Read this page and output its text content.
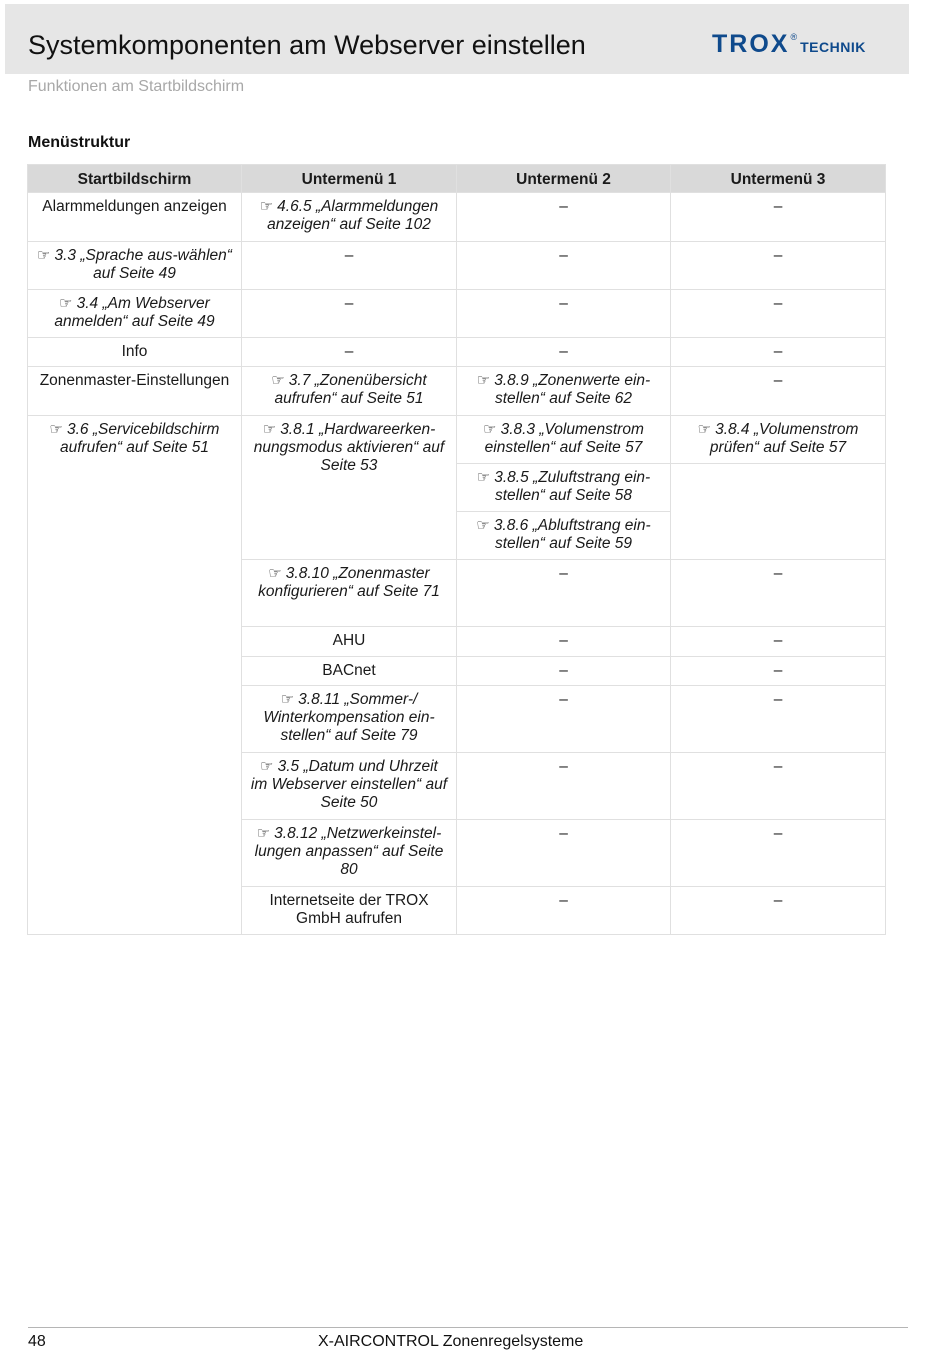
Systemkomponenten am Webserver einstellen	TROX®TECHNIK
Funktionen am Startbildschirm
Menüstruktur
Startbildschirm	Untermenü 1	Untermenü 2	Untermenü 3
Alarmmeldungen anzeigen	☞ 4.6.5 „Alarmmeldungen anzeigen“ auf Seite 102	–	–
☞ 3.3 „Sprache aus-wählen“ auf Seite 49	–	–	–
☞ 3.4 „Am Webserver anmelden“ auf Seite 49	–	–	–
Info	–	–	–
Zonenmaster-Einstellungen	☞ 3.7 „Zonenübersicht aufrufen“ auf Seite 51	☞ 3.8.9 „Zonenwerte ein-stellen“ auf Seite 62	–
☞ 3.6 „Servicebildschirm aufrufen“ auf Seite 51	☞ 3.8.1 „Hardwareerken-nungsmodus aktivieren“ auf Seite 53	☞ 3.8.3 „Volumenstrom einstellen“ auf Seite 57	☞ 3.8.4 „Volumenstrom prüfen“ auf Seite 57
		☞ 3.8.5 „Zuluftstrang ein-stellen“ auf Seite 58	
		☞ 3.8.6 „Abluftstrang ein-stellen“ auf Seite 59	
	☞ 3.8.10 „Zonenmaster konfigurieren“ auf Seite 71	–	–
	AHU	–	–
	BACnet	–	–
	☞ 3.8.11 „Sommer-/ Winterkompensation ein-stellen“ auf Seite 79	–	–
	☞ 3.5 „Datum und Uhrzeit im Webserver einstellen“ auf Seite 50	–	–
	☞ 3.8.12 „Netzwerkeinstel-lungen anpassen“ auf Seite 80	–	–
	Internetseite der TROX GmbH aufrufen	–	–
48	X-AIRCONTROL Zonenregelsysteme
